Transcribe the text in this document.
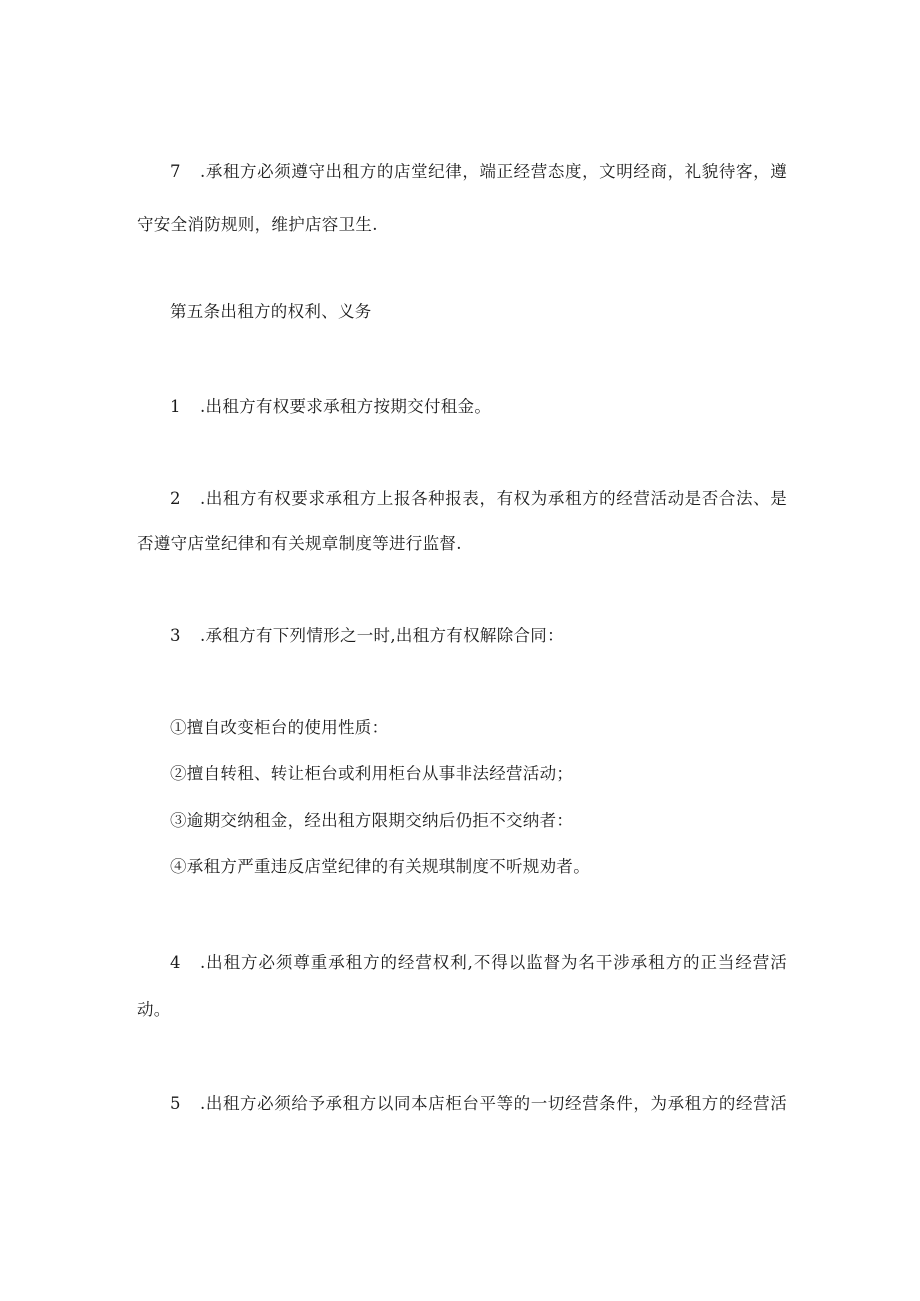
7 .承租方必须遵守出租方的店堂纪律，端正经营态度，文明经商，礼貌待客，遵
守安全消防规则，维护店容卫生.
第五条出租方的权利、义务
1 .出租方有权要求承租方按期交付租金。
2 .出租方有权要求承租方上报各种报表，有权为承租方的经营活动是否合法、是
否遵守店堂纪律和有关规章制度等进行监督.
3 .承租方有下列情形之一时,出租方有权解除合同：
①擅自改变柜台的使用性质：
②擅自转租、转让柜台或利用柜台从事非法经营活动；
③逾期交纳租金，经出租方限期交纳后仍拒不交纳者：
④承租方严重违反店堂纪律的有关规琪制度不听规劝者。
4 .出租方必须尊重承租方的经营权利,不得以监督为名干涉承租方的正当经营活
动。
5 .出租方必须给予承租方以同本店柜台平等的一切经营条件，为承租方的经营活
